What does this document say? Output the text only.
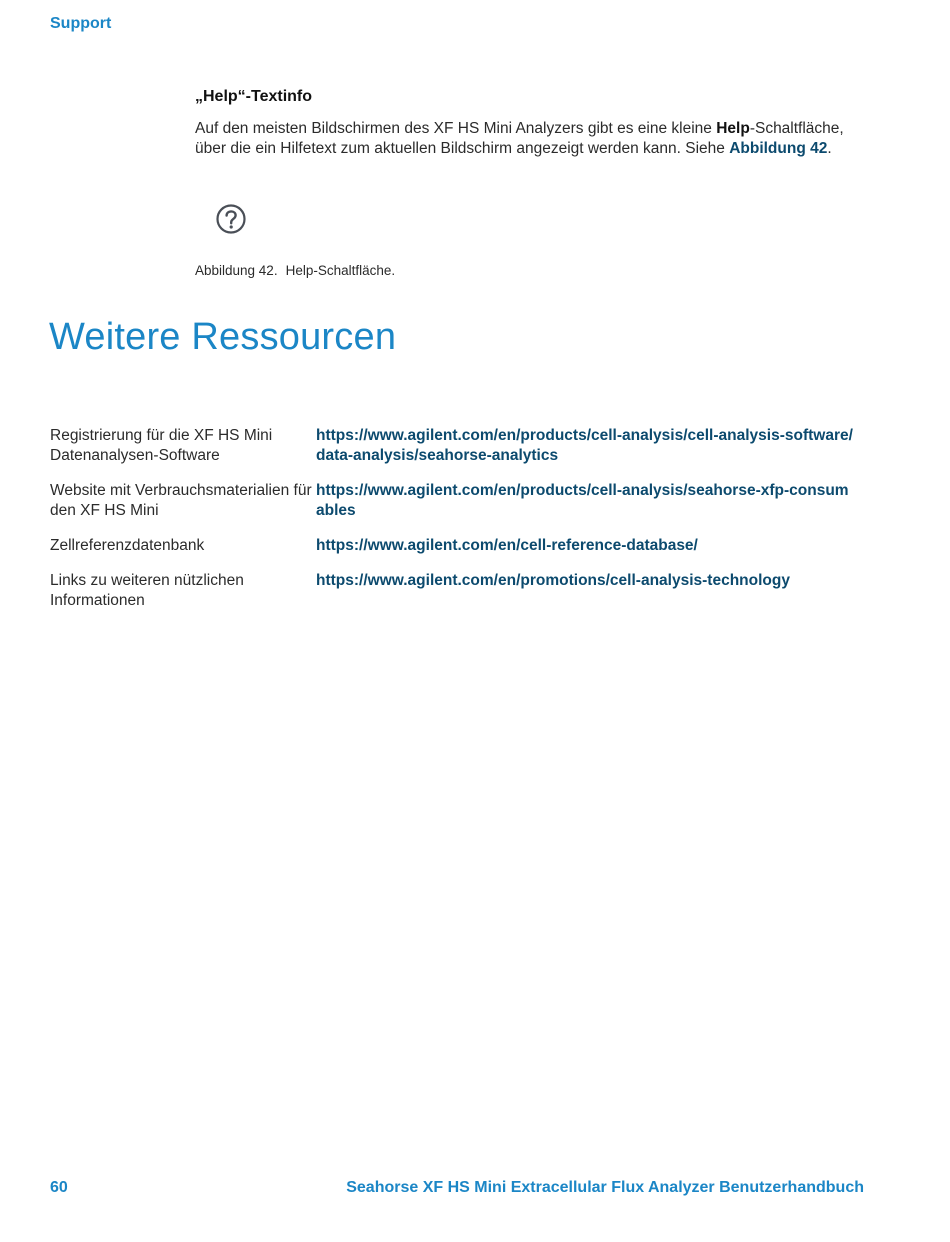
Support
„Help“-Textinfo

Auf den meisten Bildschirmen des XF HS Mini Analyzers gibt es eine kleine Help-Schaltfläche, über die ein Hilfetext zum aktuellen Bildschirm angezeigt werden kann. Siehe Abbildung 42.

Abbildung 42. Help-Schaltfläche.
Weitere Ressourcen
Registrierung für die XF HS Mini Datenanalysen-Software
https://www.agilent.com/en/products/cell-analysis/cell-analysis-software/data-analysis/seahorse-analytics
Website mit Verbrauchsmaterialien für den XF HS Mini
https://www.agilent.com/en/products/cell-analysis/seahorse-xfp-consumables
Zellreferenzdatenbank	https://www.agilent.com/en/cell-reference-database/
Links zu weiteren nützlichen Informationen
https://www.agilent.com/en/promotions/cell-analysis-technology
60	Seahorse XF HS Mini Extracellular Flux Analyzer Benutzerhandbuch
